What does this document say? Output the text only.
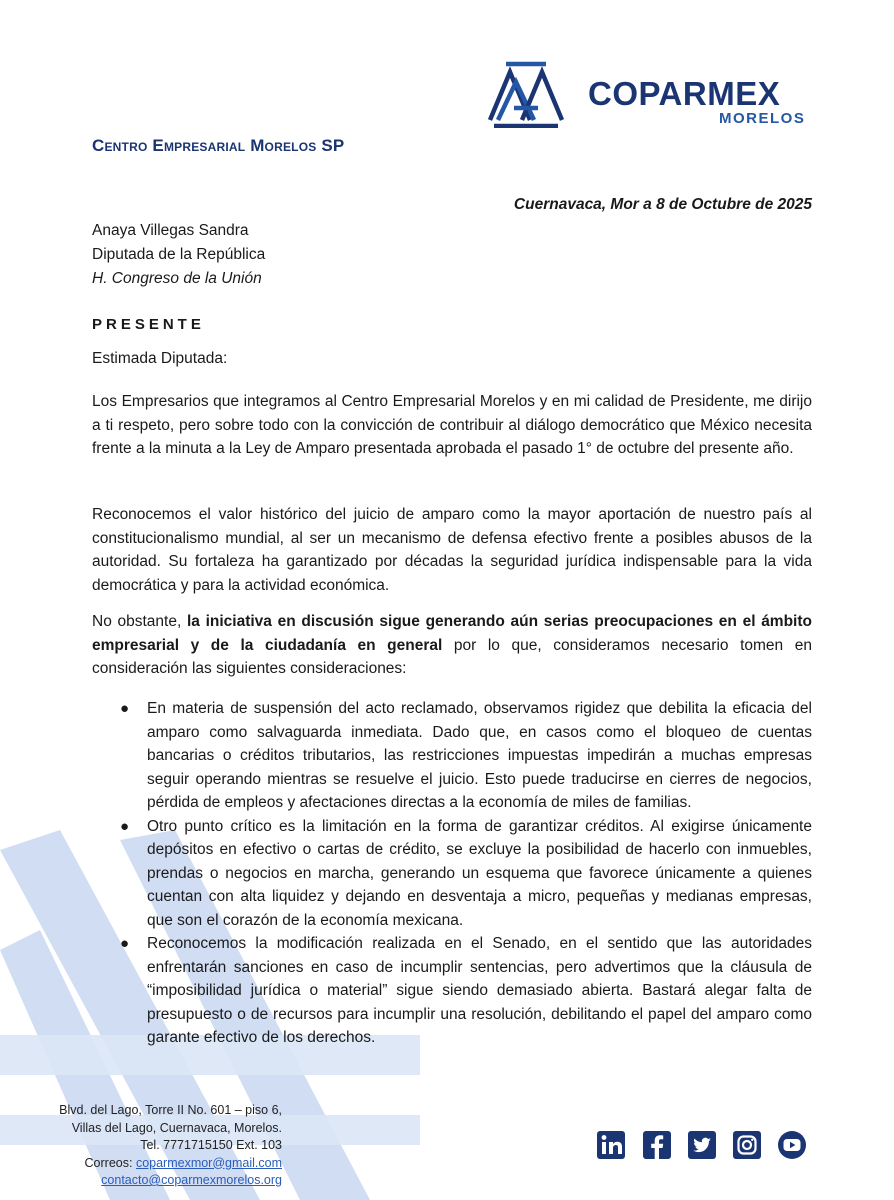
COPARMEX
MORELOS
Centro Empresarial Morelos SP
Cuernavaca, Mor a 8 de Octubre de 2025
Anaya Villegas Sandra
Diputada de la República
H. Congreso de la Unión
PRESENTE
Estimada Diputada:

Los Empresarios que integramos al Centro Empresarial Morelos y en mi calidad de Presidente, me dirijo a ti respeto, pero sobre todo con la convicción de contribuir al diálogo democrático que México necesita frente a la minuta a la Ley de Amparo presentada aprobada el pasado 1° de octubre del presente año.

Reconocemos el valor histórico del juicio de amparo como la mayor aportación de nuestro país al constitucionalismo mundial, al ser un mecanismo de defensa efectivo frente a posibles abusos de la autoridad. Su fortaleza ha garantizado por décadas la seguridad jurídica indispensable para la vida democrática y para la actividad económica.

No obstante, la iniciativa en discusión sigue generando aún serias preocupaciones en el ámbito empresarial y de la ciudadanía en general por lo que, consideramos necesario tomen en consideración las siguientes consideraciones:

● En materia de suspensión del acto reclamado, observamos rigidez que debilita la eficacia del amparo como salvaguarda inmediata. Dado que, en casos como el bloqueo de cuentas bancarias o créditos tributarios, las restricciones impuestas impedirán a muchas empresas seguir operando mientras se resuelve el juicio. Esto puede traducirse en cierres de negocios, pérdida de empleos y afectaciones directas a la economía de miles de familias.
● Otro punto crítico es la limitación en la forma de garantizar créditos. Al exigirse únicamente depósitos en efectivo o cartas de crédito, se excluye la posibilidad de hacerlo con inmuebles, prendas o negocios en marcha, generando un esquema que favorece únicamente a quienes cuentan con alta liquidez y dejando en desventaja a micro, pequeñas y medianas empresas, que son el corazón de la economía mexicana.
● Reconocemos la modificación realizada en el Senado, en el sentido que las autoridades enfrentarán sanciones en caso de incumplir sentencias, pero advertimos que la cláusula de “imposibilidad jurídica o material” sigue siendo demasiado abierta. Bastará alegar falta de presupuesto o de recursos para incumplir una resolución, debilitando el papel del amparo como garante efectivo de los derechos.
Blvd. del Lago, Torre II No. 601 – piso 6,
Villas del Lago, Cuernavaca, Morelos.
Tel. 7771715150 Ext. 103
Correos: coparmexmor@gmail.com
contacto@coparmexmorelos.org
